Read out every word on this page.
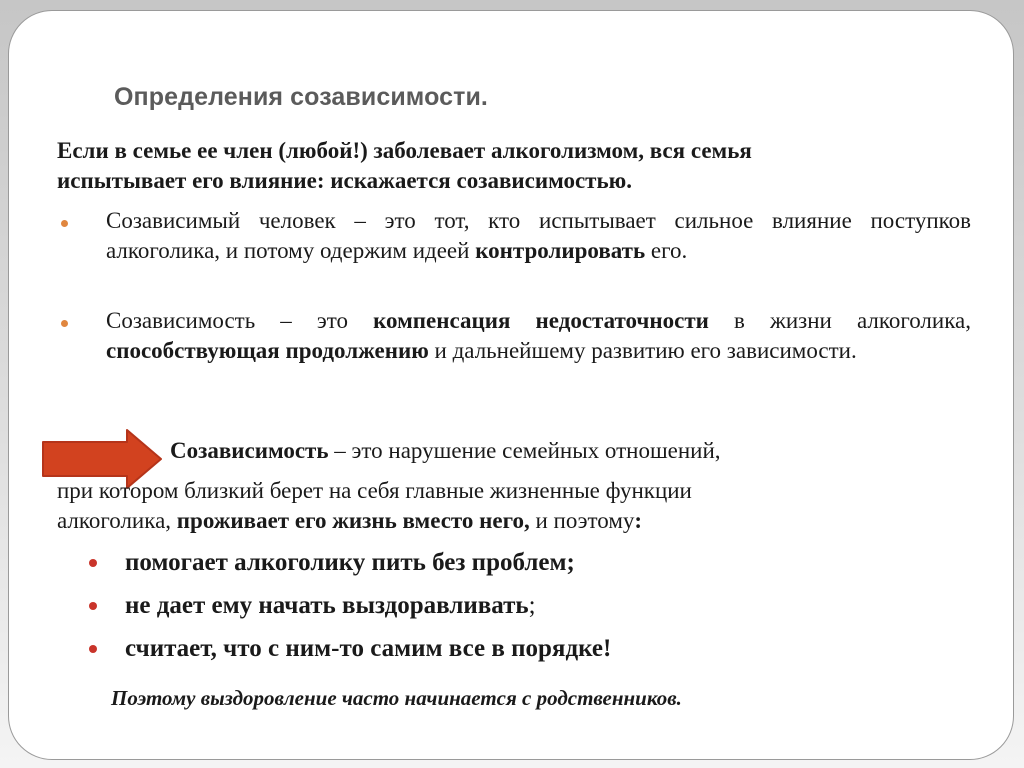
Определения созависимости.
Если в семье ее член (любой!) заболевает алкоголизмом, вся семья
испытывает его влияние: искажается созависимостью.
Созависимый человек – это тот, кто испытывает сильное влияние поступков алкоголика, и потому одержим идеей контролировать его.
Созависимость – это компенсация недостаточности в жизни алкоголика, способствующая продолжению и дальнейшему развитию его зависимости.
Созависимость – это нарушение семейных отношений,
при котором близкий берет на себя главные жизненные функции
алкоголика, проживает его жизнь вместо него, и поэтому:
помогает алкоголику пить без проблем;
не дает ему начать выздоравливать;
считает, что с ним-то самим все в порядке!

Поэтому выздоровление часто начинается с родственников.
